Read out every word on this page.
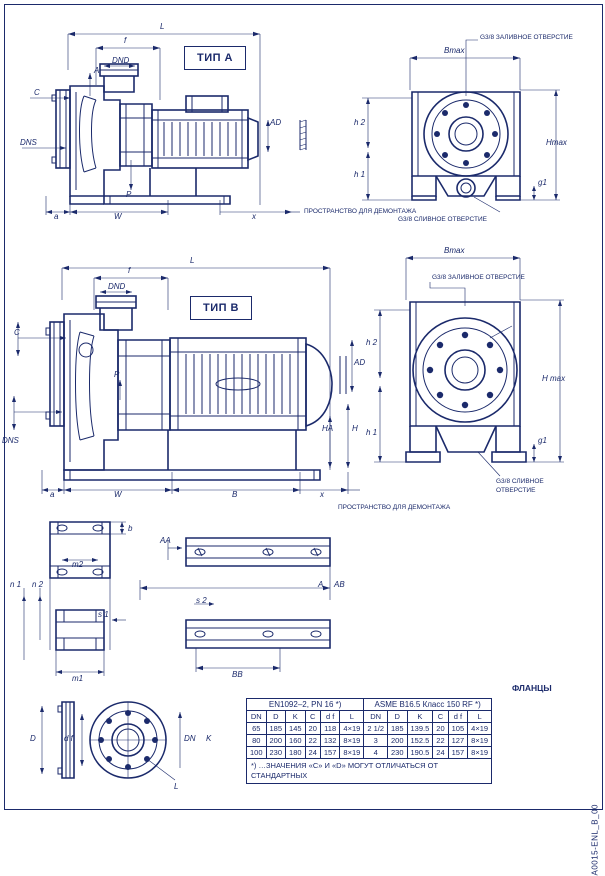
ТИП A
L
f
DND
A
C
DNS
AD
P
a	W	x
Bmax
h 2
h 1
Hmax
g1
G3/8 ЗАЛИВНОЕ ОТВЕРСТИЕ
G3/8 СЛИВНОЕ ОТВЕРСТИЕ
ПРОСТРАНСТВО ДЛЯ ДЕМОНТАЖА
ТИП B
L
f
DND
C
AD
DNS
P
HA H
a	W	B	x
Bmax
h 2
h 1
H max
g1
G3/8 ЗАЛИВНОЕ ОТВЕРСТИЕ
G3/8 СЛИВНОЕ
ОТВЕРСТИЕ
ПРОСТРАНСТВО ДЛЯ ДЕМОНТАЖА
b
AA
m2
n 1 n 2	A AB
s 1
s 2
m1	BB
D	d f	DN K
L
ФЛАНЦЫ
EN1092–2, PN 16 *)						ASME B16.5 Класс 150 RF *)					
DN	D	K	C	d f	L	DN	D	K	C	d f	L
65	185	145	20	118	4×19	2 1/2	185	139.5	20	105	4×19
80	200	160	22	132	8×19	3	200	152.5	22	127	8×19
100	230	180	24	157	8×19	4	230	190.5	24	157	8×19
*) …ЗНАЧЕНИЯ «C» И «D» МОГУТ ОТЛИЧАТЬСЯ ОТ
СТАНДАРТНЫХ											
A0015-ENL_B_00
